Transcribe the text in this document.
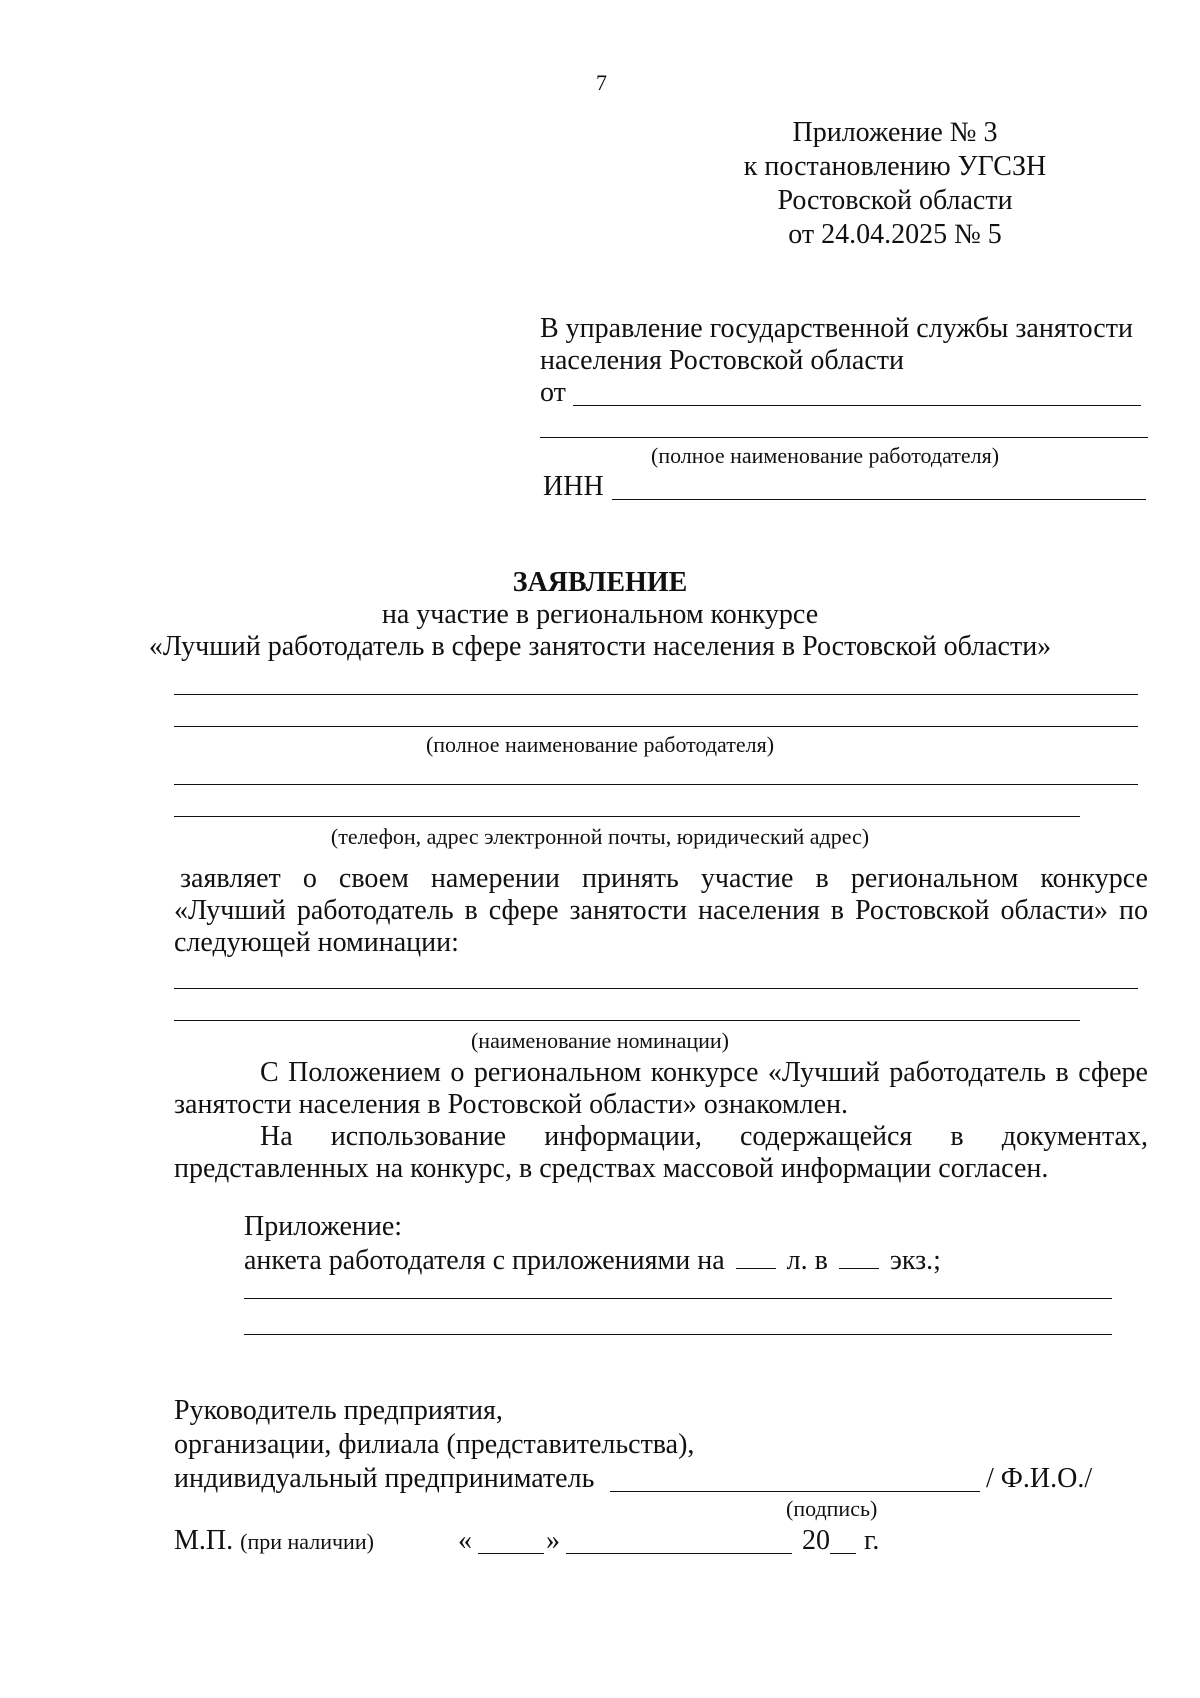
7
Приложение № 3
к постановлению УГСЗН
Ростовской области
от 24.04.2025 № 5
В управление государственной службы занятости
населения Ростовской области
от
(полное наименование работодателя)
ИНН
ЗАЯВЛЕНИЕ
на участие в региональном конкурсе
«Лучший работодатель в сфере занятости населения в Ростовской области»
(полное наименование работодателя)
(телефон, адрес электронной почты, юридический адрес)
заявляет о своем намерении принять участие в региональном конкурсе
«Лучший работодатель в сфере занятости населения в Ростовской области» по
следующей номинации:
(наименование номинации)
С Положением о региональном конкурсе «Лучший работодатель в сфере
занятости населения в Ростовской области» ознакомлен.
На использование информации, содержащейся в документах,
представленных на конкурс, в средствах массовой информации согласен.
Приложение:
анкета работодателя с приложениями на л. в экз.;
Руководитель предприятия,
организации, филиала (представительства),
индивидуальный предприниматель	/ Ф.И.О./
(подпись)
М.П. (при наличии)	«	»	20 г.
